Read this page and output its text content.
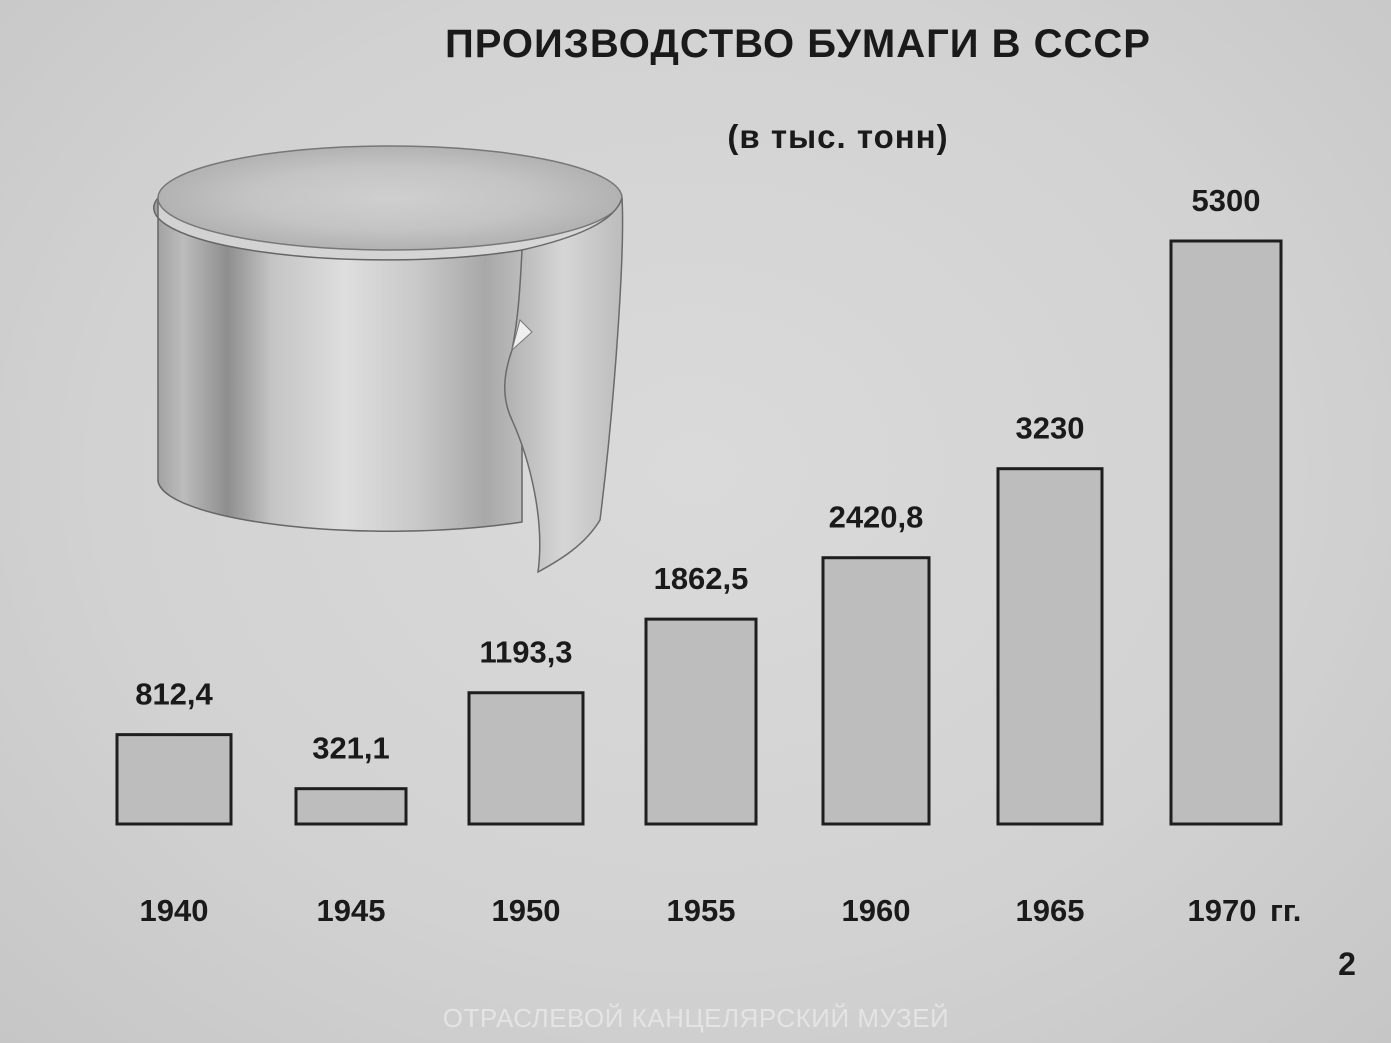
ПРОИЗВОДСТВО БУМАГИ В СССР
(в тыс. тонн)
812,4
321,1
1193,3
1862,5
2420,8
3230
5300
1940	1945	1950	1955	1960	1965	1970 гг.
2
ОТРАСЛЕВОЙ КАНЦЕЛЯРСКИЙ МУЗЕЙ
